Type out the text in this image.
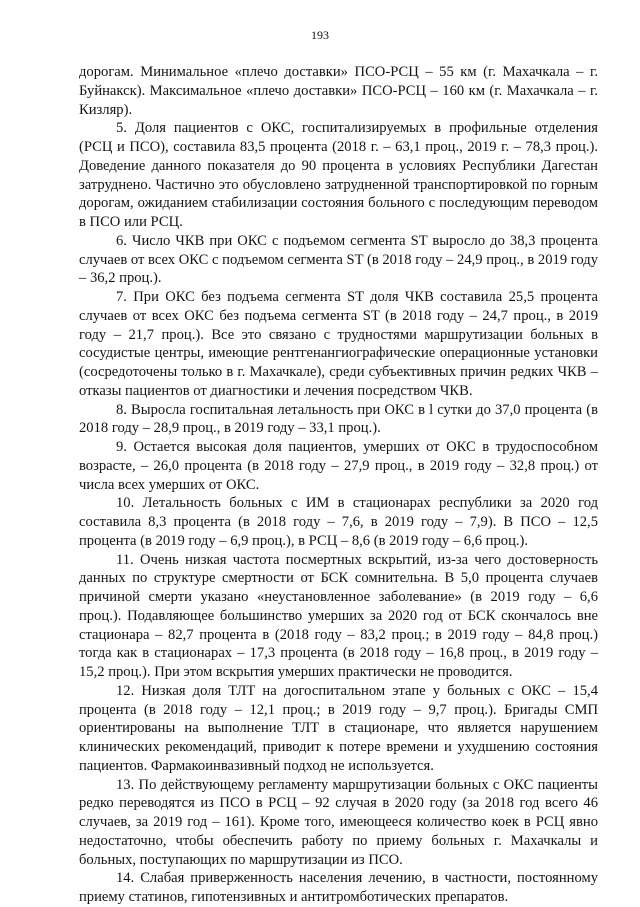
193

дорогам. Минимальное «плечо доставки» ПСО-РСЦ – 55 км (г. Махачкала – г. Буйнакск). Максимальное «плечо доставки» ПСО-РСЦ – 160 км (г. Махачкала – г. Кизляр).

5. Доля пациентов с ОКС, госпитализируемых в профильные отделения (РСЦ и ПСО), составила 83,5 процента (2018 г. – 63,1 проц., 2019 г. – 78,3 проц.). Доведение данного показателя до 90 процента в условиях Республики Дагестан затруднено. Частично это обусловлено затрудненной транспортировкой по горным дорогам, ожиданием стабилизации состояния больного с последующим переводом в ПСО или РСЦ.

6. Число ЧКВ при ОКС с подъемом сегмента ST выросло до 38,3 процента случаев от всех ОКС с подъемом сегмента ST (в 2018 году – 24,9 проц., в 2019 году – 36,2 проц.).

7. При ОКС без подъема сегмента ST доля ЧКВ составила 25,5 процента случаев от всех ОКС без подъема сегмента ST (в 2018 году – 24,7 проц., в 2019 году – 21,7 проц.). Все это связано с трудностями маршрутизации больных в сосудистые центры, имеющие рентгенангиографические операционные установки (сосредоточены только в г. Махачкале), среди субъективных причин редких ЧКВ – отказы пациентов от диагностики и лечения посредством ЧКВ.

8. Выросла госпитальная летальность при ОКС в l сутки до 37,0 процента (в 2018 году – 28,9 проц., в 2019 году – 33,1 проц.).

9. Остается высокая доля пациентов, умерших от ОКС в трудоспособном возрасте, – 26,0 процента (в 2018 году – 27,9 проц., в 2019 году – 32,8 проц.) от числа всех умерших от ОКС.

10. Летальность больных с ИМ в стационарах республики за 2020 год составила 8,3 процента (в 2018 году – 7,6, в 2019 году – 7,9). В ПСО – 12,5 процента (в 2019 году – 6,9 проц.), в РСЦ – 8,6 (в 2019 году – 6,6 проц.).

11. Очень низкая частота посмертных вскрытий, из-за чего достоверность данных по структуре смертности от БСК сомнительна. В 5,0 процента случаев причиной смерти указано «неустановленное заболевание» (в 2019 году – 6,6 проц.). Подавляющее большинство умерших за 2020 год от БСК скончалось вне стационара – 82,7 процента в (2018 году – 83,2 проц.; в 2019 году – 84,8 проц.) тогда как в стационарах – 17,3 процента (в 2018 году – 16,8 проц., в 2019 году – 15,2 проц.). При этом вскрытия умерших практически не проводится.

12. Низкая доля ТЛТ на догоспитальном этапе у больных с ОКС – 15,4 процента (в 2018 году – 12,1 проц.; в 2019 году – 9,7 проц.). Бригады СМП ориентированы на выполнение ТЛТ в стационаре, что является нарушением клинических рекомендаций, приводит к потере времени и ухудшению состояния пациентов. Фармакоинвазивный подход не используется.

13. По действующему регламенту маршрутизации больных с ОКС пациенты редко переводятся из ПСО в РСЦ – 92 случая в 2020 году (за 2018 год всего 46 случаев, за 2019 год – 161). Кроме того, имеющееся количество коек в РСЦ явно недостаточно, чтобы обеспечить работу по приему больных г. Махачкалы и больных, поступающих по маршрутизации из ПСО.

14. Слабая приверженность населения лечению, в частности, постоянному приему статинов, гипотензивных и антитромботических препаратов.
